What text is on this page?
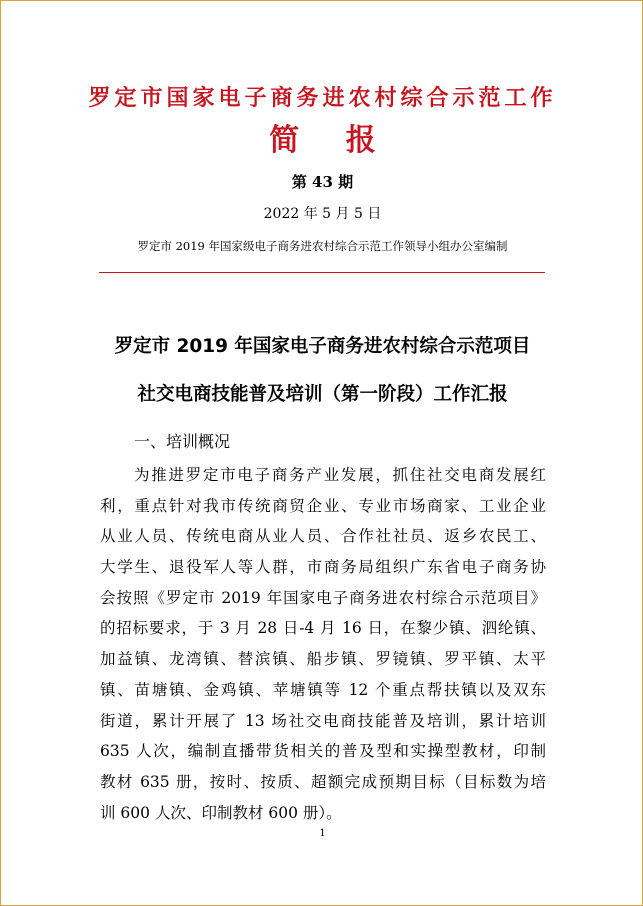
罗定市国家电子商务进农村综合示范工作
简 报
第 43 期
2022 年 5 月 5 日
罗定市 2019 年国家级电子商务进农村综合示范工作领导小组办公室编制
罗定市 2019 年国家电子商务进农村综合示范项目
社交电商技能普及培训（第一阶段）工作汇报
一、培训概况
为推进罗定市电子商务产业发展，抓住社交电商发展红
利，重点针对我市传统商贸企业、专业市场商家、工业企业
从业人员、传统电商从业人员、合作社社员、返乡农民工、
大学生、退役军人等人群，市商务局组织广东省电子商务协
会按照《罗定市 2019 年国家电子商务进农村综合示范项目》
的招标要求，于 3 月 28 日-4 月 16 日，在黎少镇、泗纶镇、
加益镇、龙湾镇、替滨镇、船步镇、罗镜镇、罗平镇、太平
镇、苗塘镇、金鸡镇、苹塘镇等 12 个重点帮扶镇以及双东
街道，累计开展了 13 场社交电商技能普及培训，累计培训
635 人次，编制直播带货相关的普及型和实操型教材，印制
教材 635 册，按时、按质、超额完成预期目标（目标数为培
训 600 人次、印制教材 600 册）。
1
